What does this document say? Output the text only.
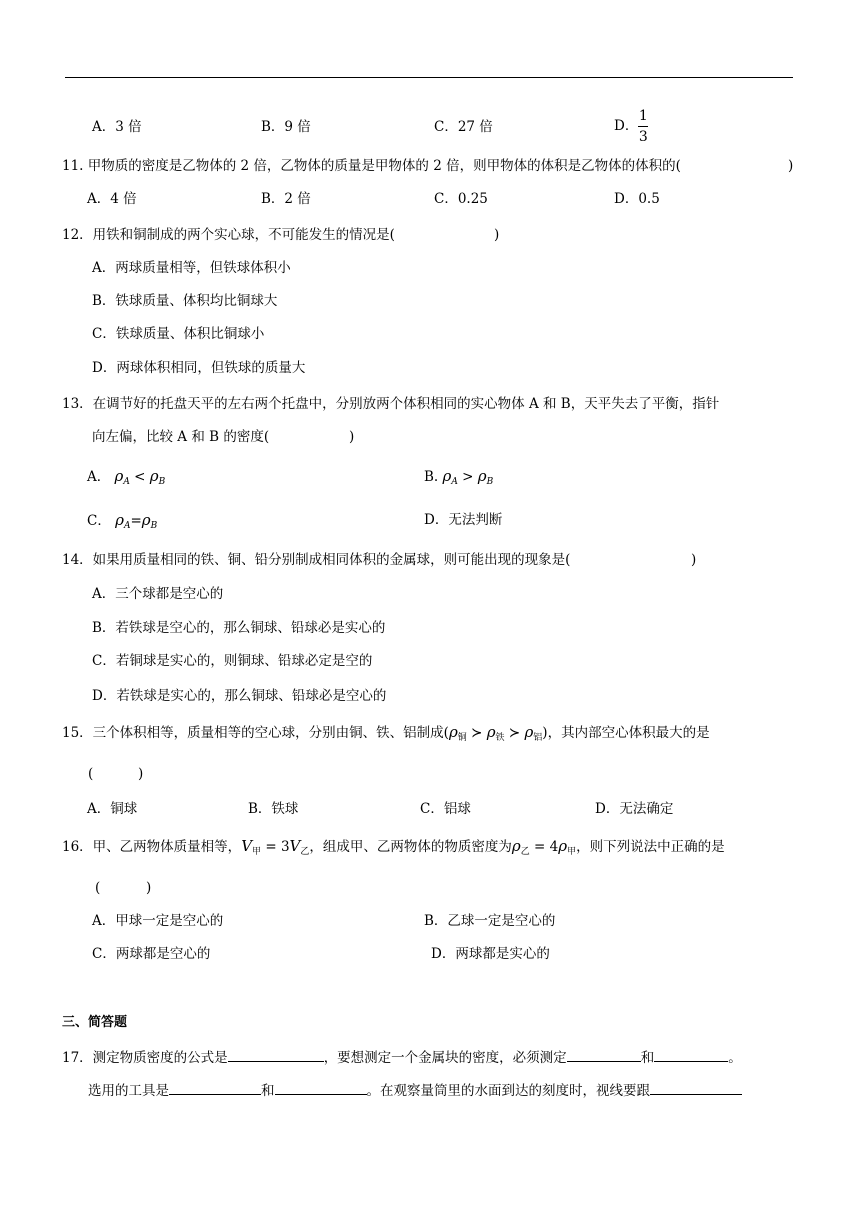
A．3 倍	B．9 倍	C．27 倍	D． $\frac{1}{3}$
11. 甲物质的密度是乙物体的 2 倍，乙物体的质量是甲物体的 2 倍，则甲物体的体积是乙物体的体积的(	)
A．4 倍	B．2 倍	C．0.25	D．0.5
12．用铁和铜制成的两个实心球，不可能发生的情况是(	)
A．两球质量相等，但铁球体积小
B．铁球质量、体积均比铜球大
C．铁球质量、体积比铜球小
D．两球体积相同，但铁球的质量大
13．在调节好的托盘天平的左右两个托盘中，分别放两个体积相同的实心物体 A 和 B，天平失去了平衡，指针
向左偏，比较 A 和 B 的密度(	)
A． $\rho_A < \rho_B$	B. $\rho_A > \rho_B$
C． $\rho_A=\rho_B$	D．无法判断
14．如果用质量相同的铁、铜、铅分别制成相同体积的金属球，则可能出现的现象是(	)
A．三个球都是空心的
B．若铁球是空心的，那么铜球、铅球必是实心的
C．若铜球是实心的，则铜球、铅球必定是空的
D．若铁球是实心的，那么铜球、铅球必是空心的
15．三个体积相等，质量相等的空心球，分别由铜、铁、铝制成($\rho_铜$ ≻ $\rho_铁$ ≻ $\rho_铝$)，其内部空心体积最大的是
(	)
A．铜球	B．铁球	C．铝球	D．无法确定
16．甲、乙两物体质量相等，$V_甲 = 3V_乙$，组成甲、乙两物体的物质密度为$\rho_乙 = 4\rho_甲$，则下列说法中正确的是
(	)
A．甲球一定是空心的	B．乙球一定是空心的
C．两球都是空心的	D．两球都是实心的
三、简答题
17．测定物质密度的公式是	，要想测定一个金属块的密度，必须测定	和	。
选用的工具是	和	。在观察量筒里的水面到达的刻度时，视线要跟
